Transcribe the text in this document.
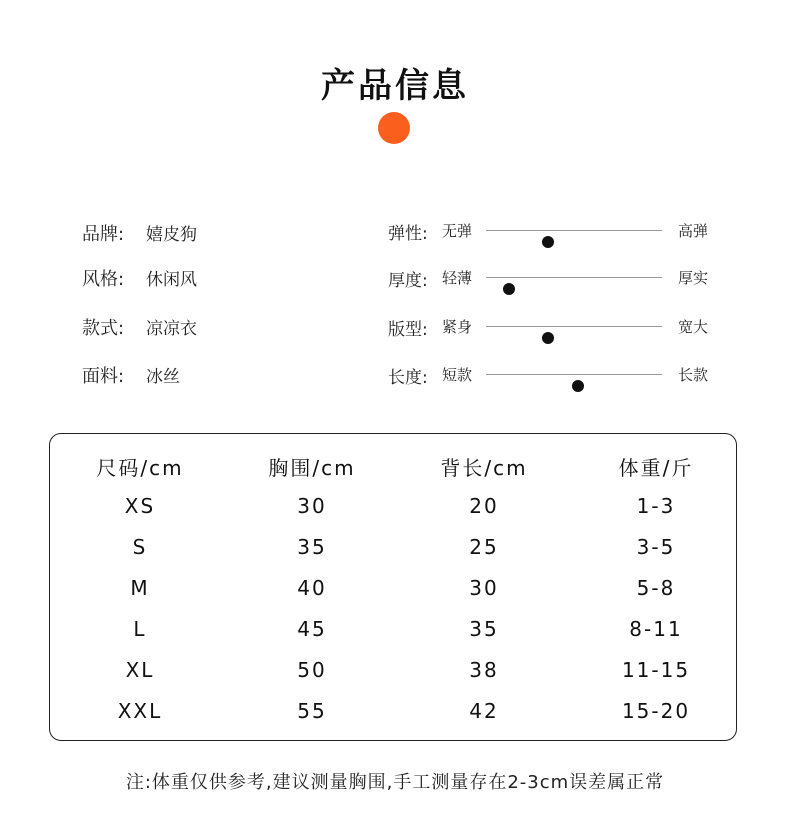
产品信息
品牌: 嬉皮狗
风格: 休闲风
款式: 凉凉衣
面料: 冰丝
弹性: 无弹	高弹
厚度: 轻薄	厚实
版型: 紧身	宽大
长度: 短款	长款
尺码/cm	胸围/cm	背长/cm	体重/斤
XS	30	20	1-3
S	35	25	3-5
M	40	30	5-8
L	45	35	8-11
XL	50	38	11-15
XXL	55	42	15-20
注:体重仅供参考,建议测量胸围,手工测量存在2-3cm误差属正常
